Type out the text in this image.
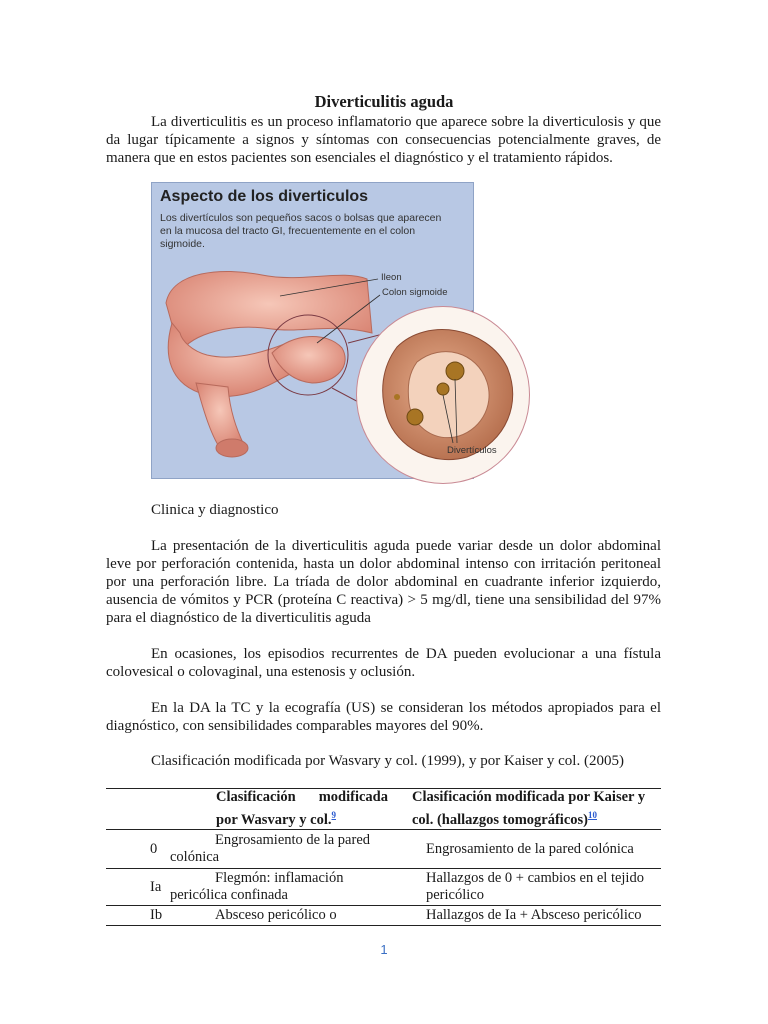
Diverticulitis aguda
La diverticulitis es un proceso inflamatorio que aparece sobre la diverticulosis y que da lugar típicamente a signos y síntomas con consecuencias potencialmente graves, de manera que en estos pacientes son esenciales el diagnóstico y el tratamiento rápidos.
Aspecto de los diverticulos
Los divertículos son pequeños sacos o bolsas que aparecen en la mucosa del tracto GI, frecuentemente en el colon sigmoide.
Ileon
Colon sigmoide
Divertículos
Clinica y diagnostico
La presentación de la diverticulitis aguda puede variar desde un dolor abdominal leve por perforación contenida, hasta un dolor abdominal intenso con irritación peritoneal por una perforación libre. La tríada de dolor abdominal en cuadrante inferior izquierdo, ausencia de vómitos y PCR (proteína C reactiva) > 5 mg/dl, tiene una sensibilidad del 97% para el diagnóstico de la diverticulitis aguda
En ocasiones, los episodios recurrentes de DA pueden evolucionar a una fístula colovesical o colovaginal, una estenosis y oclusión.
En la DA la TC y la ecografía (US) se consideran los métodos apropiados para el diagnóstico, con sensibilidades comparables mayores del 90%.
Clasificación modificada por Wasvary y col. (1999), y por Kaiser y col. (2005)
	Clasificación modificada por Wasvary y col.$^9$	Clasificación modificada por Kaiser y col. (hallazgos tomográficos)$^{10}$
0	Engrosamiento de la pared colónica	Engrosamiento de la pared colónica
Ia	Flegmón: inflamación pericólica confinada	Hallazgos de 0 + cambios en el tejido pericólico
Ib	Absceso pericólico o	Hallazgos de Ia + Absceso pericólico
1
